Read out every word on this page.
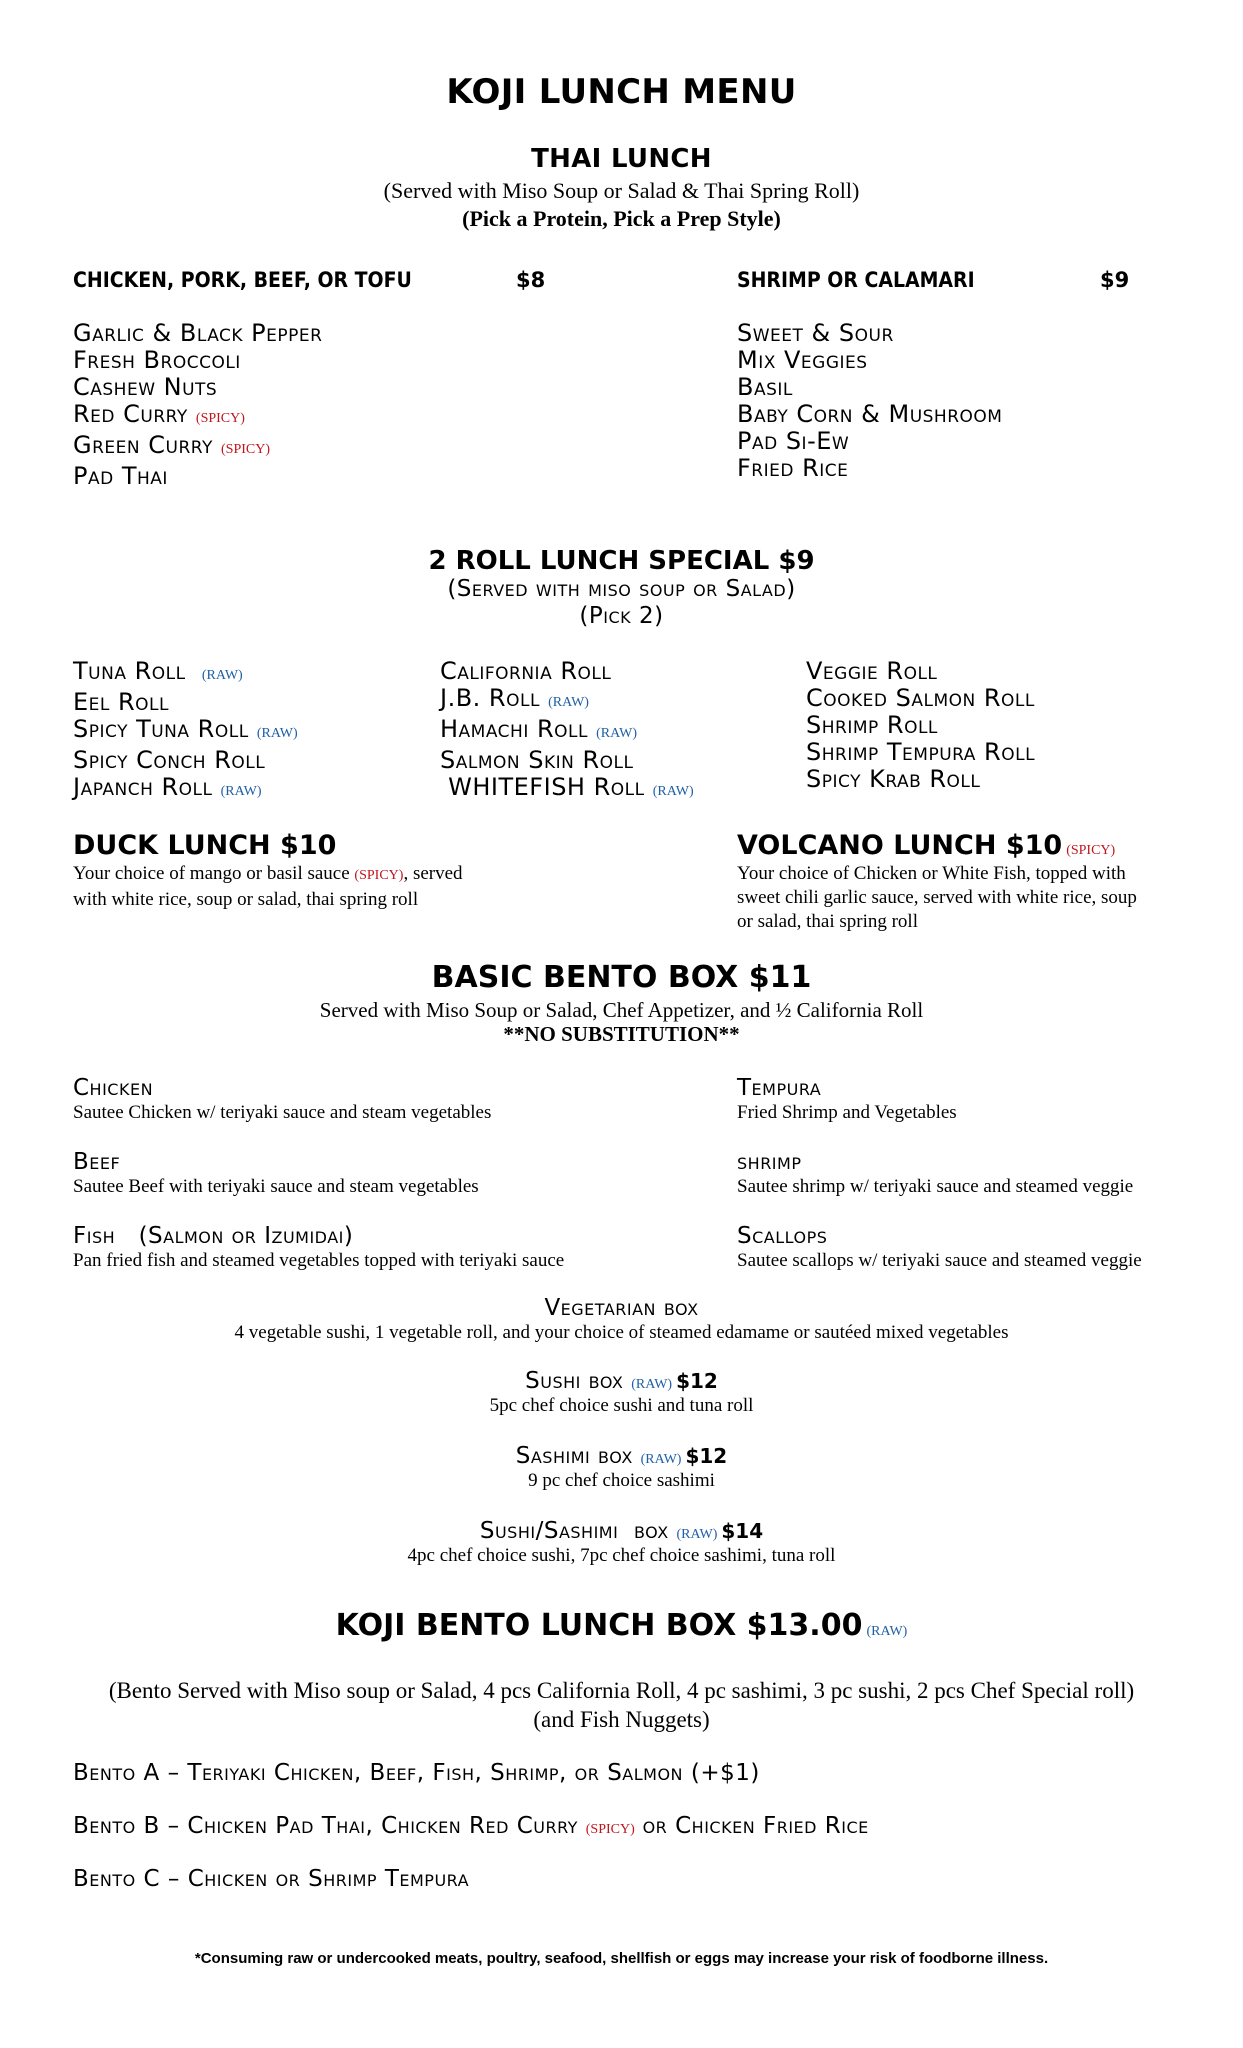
KOJI LUNCH MENU
THAI LUNCH
(Served with Miso Soup or Salad & Thai Spring Roll)
(Pick a Protein, Pick a Prep Style)
CHICKEN, PORK, BEEF, OR TOFU	$8	SHRIMP OR CALAMARI	$9
Garlic & Black Pepper
Fresh Broccoli
Cashew Nuts
Red Curry (SPICY)
Green Curry (SPICY)
Pad Thai
Sweet & Sour
Mix Veggies
Basil
Baby Corn & Mushroom
Pad Si-Ew
Fried Rice
2 ROLL LUNCH SPECIAL $9
(Served with miso soup or Salad)
(Pick 2)
Tuna Roll (RAW)
Eel Roll
Spicy Tuna Roll (RAW)
Spicy Conch Roll
Japanch Roll (RAW)
California Roll
J.B. Roll (RAW)
Hamachi Roll (RAW)
Salmon Skin Roll
WHITEFISH Roll (RAW)
Veggie Roll
Cooked Salmon Roll
Shrimp Roll
Shrimp Tempura Roll
Spicy Krab Roll
DUCK LUNCH $10
Your choice of mango or basil sauce (SPICY), served
with white rice, soup or salad, thai spring roll
VOLCANO LUNCH $10 (SPICY)
Your choice of Chicken or White Fish, topped with
sweet chili garlic sauce, served with white rice, soup
or salad, thai spring roll
BASIC BENTO BOX $11
Served with Miso Soup or Salad, Chef Appetizer, and ½ California Roll
**NO SUBSTITUTION**
Chicken
Sautee Chicken w/ teriyaki sauce and steam vegetables
Beef
Sautee Beef with teriyaki sauce and steam vegetables
Fish   (Salmon or Izumidai)
Pan fried fish and steamed vegetables topped with teriyaki sauce
Tempura
Fried Shrimp and Vegetables
shrimp
Sautee shrimp w/ teriyaki sauce and steamed veggie
Scallops
Sautee scallops w/ teriyaki sauce and steamed veggie
Vegetarian box
4 vegetable sushi, 1 vegetable roll, and your choice of steamed edamame or sautéed mixed vegetables
Sushi box (RAW) $12
5pc chef choice sushi and tuna roll
Sashimi box (RAW) $12
9 pc chef choice sashimi
Sushi/Sashimi  box (RAW) $14
4pc chef choice sushi, 7pc chef choice sashimi, tuna roll
KOJI BENTO LUNCH BOX $13.00 (RAW)
(Bento Served with Miso soup or Salad, 4 pcs California Roll, 4 pc sashimi, 3 pc sushi, 2 pcs Chef Special roll)
(and Fish Nuggets)
Bento A – Teriyaki Chicken, Beef, Fish, Shrimp, or Salmon (+$1)
Bento B – Chicken Pad Thai, Chicken Red Curry (SPICY) or Chicken Fried Rice
Bento C – Chicken or Shrimp Tempura
*Consuming raw or undercooked meats, poultry, seafood, shellfish or eggs may increase your risk of foodborne illness.
